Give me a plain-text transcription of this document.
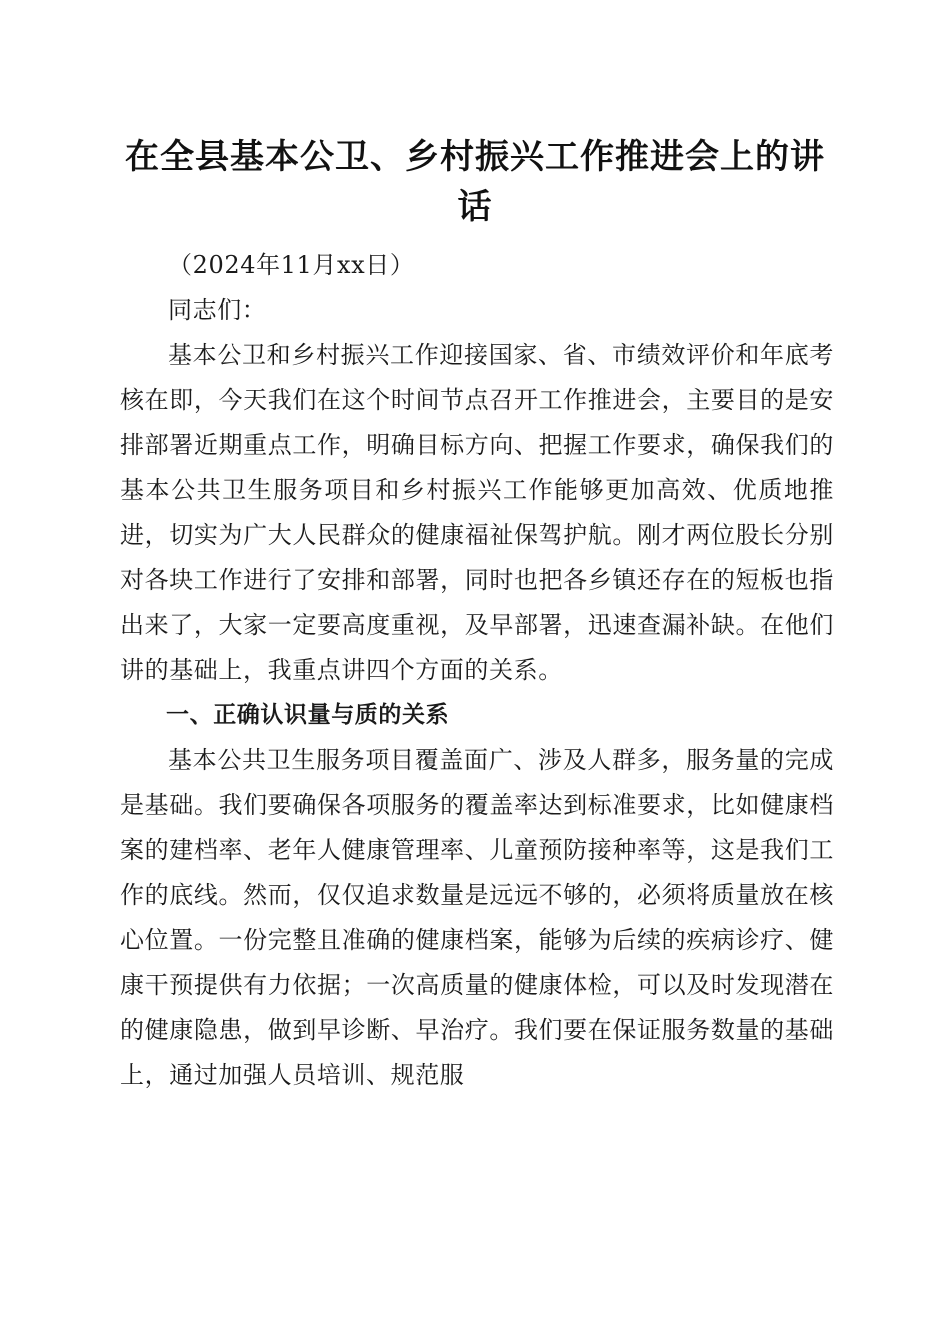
在全县基本公卫、乡村振兴工作推进会上的讲话

（2024年11月xx日）

同志们：

基本公卫和乡村振兴工作迎接国家、省、市绩效评价和年底考核在即，今天我们在这个时间节点召开工作推进会，主要目的是安排部署近期重点工作，明确目标方向、把握工作要求，确保我们的基本公共卫生服务项目和乡村振兴工作能够更加高效、优质地推进，切实为广大人民群众的健康福祉保驾护航。刚才两位股长分别对各块工作进行了安排和部署，同时也把各乡镇还存在的短板也指出来了，大家一定要高度重视，及早部署，迅速查漏补缺。在他们讲的基础上，我重点讲四个方面的关系。

一、正确认识量与质的关系

基本公共卫生服务项目覆盖面广、涉及人群多，服务量的完成是基础。我们要确保各项服务的覆盖率达到标准要求，比如健康档案的建档率、老年人健康管理率、儿童预防接种率等，这是我们工作的底线。然而，仅仅追求数量是远远不够的，必须将质量放在核心位置。一份完整且准确的健康档案，能够为后续的疾病诊疗、健康干预提供有力依据；一次高质量的健康体检，可以及时发现潜在的健康隐患，做到早诊断、早治疗。我们要在保证服务数量的基础上，通过加强人员培训、规范服
